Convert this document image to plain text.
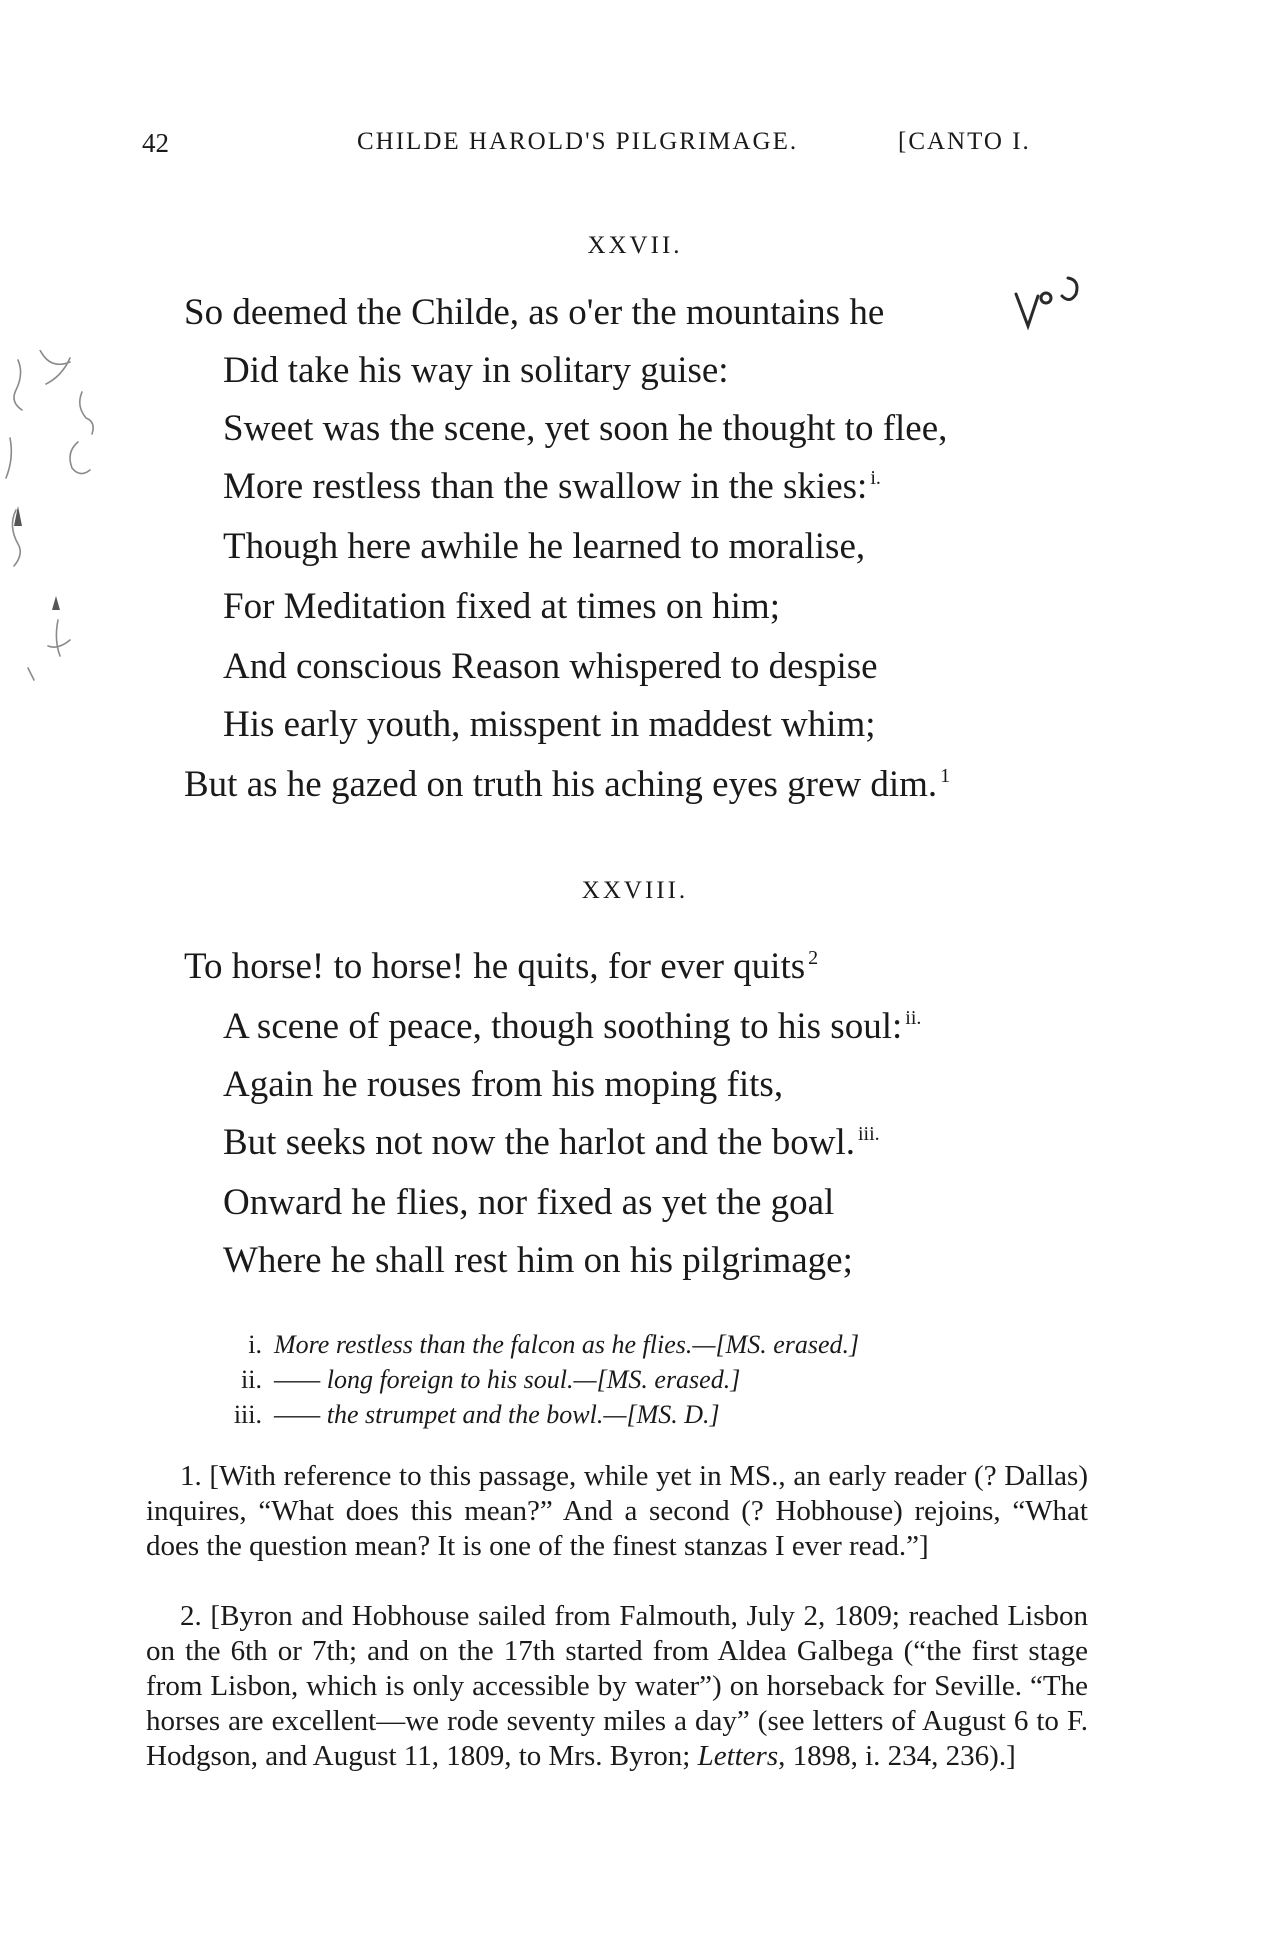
42	CHILDE HAROLD'S PILGRIMAGE.	[CANTO I.
XXVII.
So deemed the Childe, as o'er the mountains he
Did take his way in solitary guise:
Sweet was the scene, yet soon he thought to flee,
More restless than the swallow in the skies: $^{i.}$
Though here awhile he learned to moralise,
For Meditation fixed at times on him;
And conscious Reason whispered to despise
His early youth, misspent in maddest whim;
But as he gazed on truth his aching eyes grew dim. $^1$
XXVIII.
To horse! to horse! he quits, for ever quits $^2$
A scene of peace, though soothing to his soul: $^{ii.}$
Again he rouses from his moping fits,
But seeks not now the harlot and the bowl. $^{iii.}$
Onward he flies, nor fixed as yet the goal
Where he shall rest him on his pilgrimage;
i. More restless than the falcon as he flies.—[MS. erased.]
ii. —— long foreign to his soul.—[MS. erased.]
iii. —— the strumpet and the bowl.—[MS. D.]
1. [With reference to this passage, while yet in MS., an early reader (? Dallas) inquires, “What does this mean?” And a second (? Hobhouse) rejoins, “What does the question mean? It is one of the finest stanzas I ever read.”]
2. [Byron and Hobhouse sailed from Falmouth, July 2, 1809; reached Lisbon on the 6th or 7th; and on the 17th started from Aldea Galbega (“the first stage from Lisbon, which is only accessible by water”) on horseback for Seville. “The horses are excellent—we rode seventy miles a day” (see letters of August 6 to F. Hodgson, and August 11, 1809, to Mrs. Byron; Letters, 1898, i. 234, 236).]
